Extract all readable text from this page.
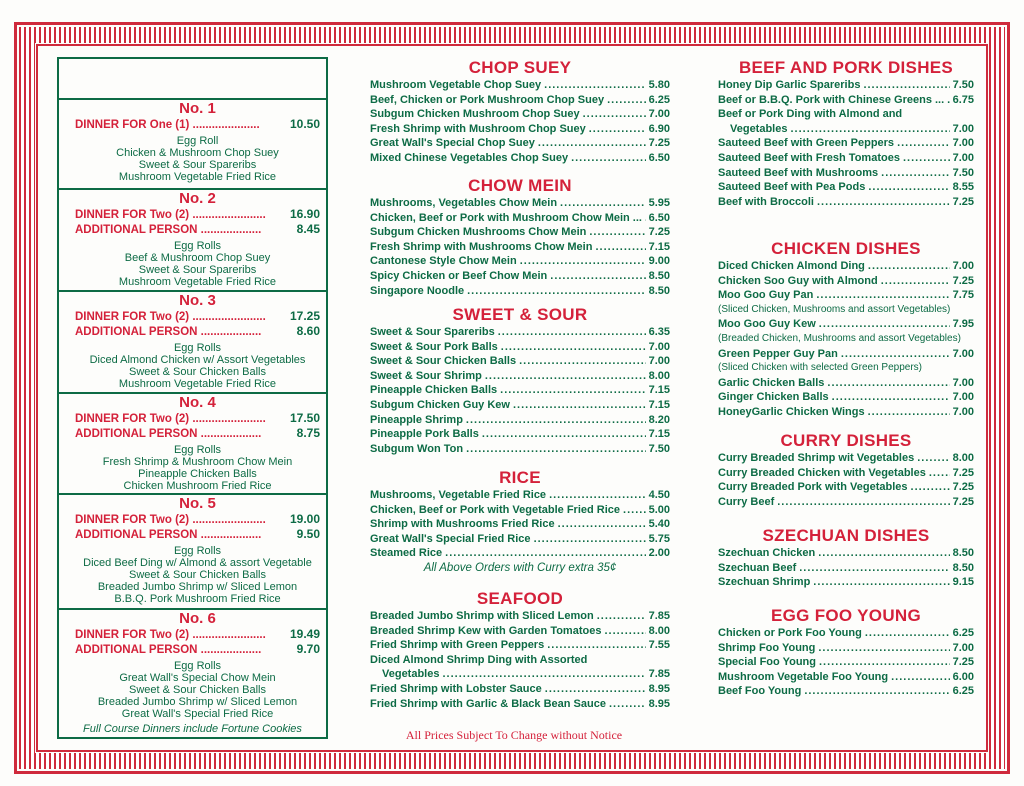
No. 1
DINNER FOR One (1) .....................	10.50
Egg Roll
Chicken & Mushroom Chop Suey
Sweet & Sour Spareribs
Mushroom Vegetable Fried Rice
No. 2
DINNER FOR Two (2) ....................... 16.90
ADDITIONAL PERSON ...................	8.45
Egg Rolls
Beef & Mushroom Chop Suey
Sweet & Sour Spareribs
Mushroom Vegetable Fried Rice
No. 3
DINNER FOR Two (2) ....................... 17.25
ADDITIONAL PERSON ...................	8.60
Egg Rolls
Diced Almond Chicken w/ Assort Vegetables
Sweet & Sour Chicken Balls
Mushroom Vegetable Fried Rice
No. 4
DINNER FOR Two (2) ....................... 17.50
ADDITIONAL PERSON ...................	8.75
Egg Rolls
Fresh Shrimp & Mushroom Chow Mein
Pineapple Chicken Balls
Chicken Mushroom Fried Rice
No. 5
DINNER FOR Two (2) ....................... 19.00
ADDITIONAL PERSON ...................	9.50
Egg Rolls
Diced Beef Ding w/ Almond & assort Vegetable
Sweet & Sour Chicken Balls
Breaded Jumbo Shrimp w/ Sliced Lemon
B.B.Q. Pork Mushroom Fried Rice
No. 6
DINNER FOR Two (2) ....................... 19.49
ADDITIONAL PERSON ...................	9.70
Egg Rolls
Great Wall's Special Chow Mein
Sweet & Sour Chicken Balls
Breaded Jumbo Shrimp w/ Sliced Lemon
Great Wall's Special Fried Rice
Full Course Dinners include Fortune Cookies
CHOP SUEY
Mushroom Vegetable Chop Suey .....	5.80
Beef, Chicken or Pork Mushroom Chop Suey .....	6.25
Subgum Chicken Mushroom Chop Suey .....	7.00
Fresh Shrimp with Mushroom Chop Suey .....	6.90
Great Wall's Special Chop Suey .....	7.25
Mixed Chinese Vegetables Chop Suey .....	6.50
CHOW MEIN
Mushrooms, Vegetables Chow Mein .....	5.95
Chicken, Beef or Pork with Mushroom Chow Mein ... ..... 6.50
Subgum Chicken Mushrooms Chow Mein .....	7.25
Fresh Shrimp with Mushrooms Chow Mein .....	7.15
Cantonese Style Chow Mein .....	9.00
Spicy Chicken or Beef Chow Mein .....	8.50
Singapore Noodle .....	8.50
SWEET & SOUR
Sweet & Sour Spareribs .....	6.35
Sweet & Sour Pork Balls .....	7.00
Sweet & Sour Chicken Balls .....	7.00
Sweet & Sour Shrimp .....	8.00
Pineapple Chicken Balls .....	7.15
Subgum Chicken Guy Kew .....	7.15
Pineapple Shrimp .....	8.20
Pineapple Pork Balls .....	7.15
Subgum Won Ton .....	7.50
RICE
Mushrooms, Vegetable Fried Rice .....	4.50
Chicken, Beef or Pork with Vegetable Fried Rice .....	5.00
Shrimp with Mushrooms Fried Rice .....	5.40
Great Wall's Special Fried Rice .....	5.75
Steamed Rice .....	2.00
All Above Orders with Curry extra 35¢
SEAFOOD
Breaded Jumbo Shrimp with Sliced Lemon .....	7.85
Breaded Shrimp Kew with Garden Tomatoes .....	8.00
Fried Shrimp with Green Peppers .....	7.55
Diced Almond Shrimp Ding with Assorted
Vegetables .....	7.85
Fried Shrimp with Lobster Sauce .....	8.95
Fried Shrimp with Garlic & Black Bean Sauce .....	8.95
BEEF AND PORK DISHES
Honey Dip Garlic Spareribs .....	7.50
Beef or B.B.Q. Pork with Chinese Greens ... ..... 6.75
Beef or Pork Ding with Almond and
Vegetables .....	7.00
Sauteed Beef with Green Peppers .....	7.00
Sauteed Beef with Fresh Tomatoes .....	7.00
Sauteed Beef with Mushrooms .....	7.50
Sauteed Beef with Pea Pods .....	8.55
Beef with Broccoli .....	7.25
CHICKEN DISHES
Diced Chicken Almond Ding .....	7.00
Chicken Soo Guy with Almond .....	7.25
Moo Goo Guy Pan .....	7.75
(Sliced Chicken, Mushrooms and assort Vegetables)
Moo Goo Guy Kew .....	7.95
(Breaded Chicken, Mushrooms and assort Vegetables)
Green Pepper Guy Pan .....	7.00
(Sliced Chicken with selected Green Peppers)
Garlic Chicken Balls .....	7.00
Ginger Chicken Balls .....	7.00
HoneyGarlic Chicken Wings .....	7.00
CURRY DISHES
Curry Breaded Shrimp wit Vegetables .....	8.00
Curry Breaded Chicken with Vegetables ..... 7.25
Curry Breaded Pork with Vegetables .....	7.25
Curry Beef .....	7.25
SZECHUAN DISHES
Szechuan Chicken .....	8.50
Szechuan Beef .....	8.50
Szechuan Shrimp .....	9.15
EGG FOO YOUNG
Chicken or Pork Foo Young .....	6.25
Shrimp Foo Young .....	7.00
Special Foo Young .....	7.25
Mushroom Vegetable Foo Young .....	6.00
Beef Foo Young .....	6.25
All Prices Subject To Change without Notice
